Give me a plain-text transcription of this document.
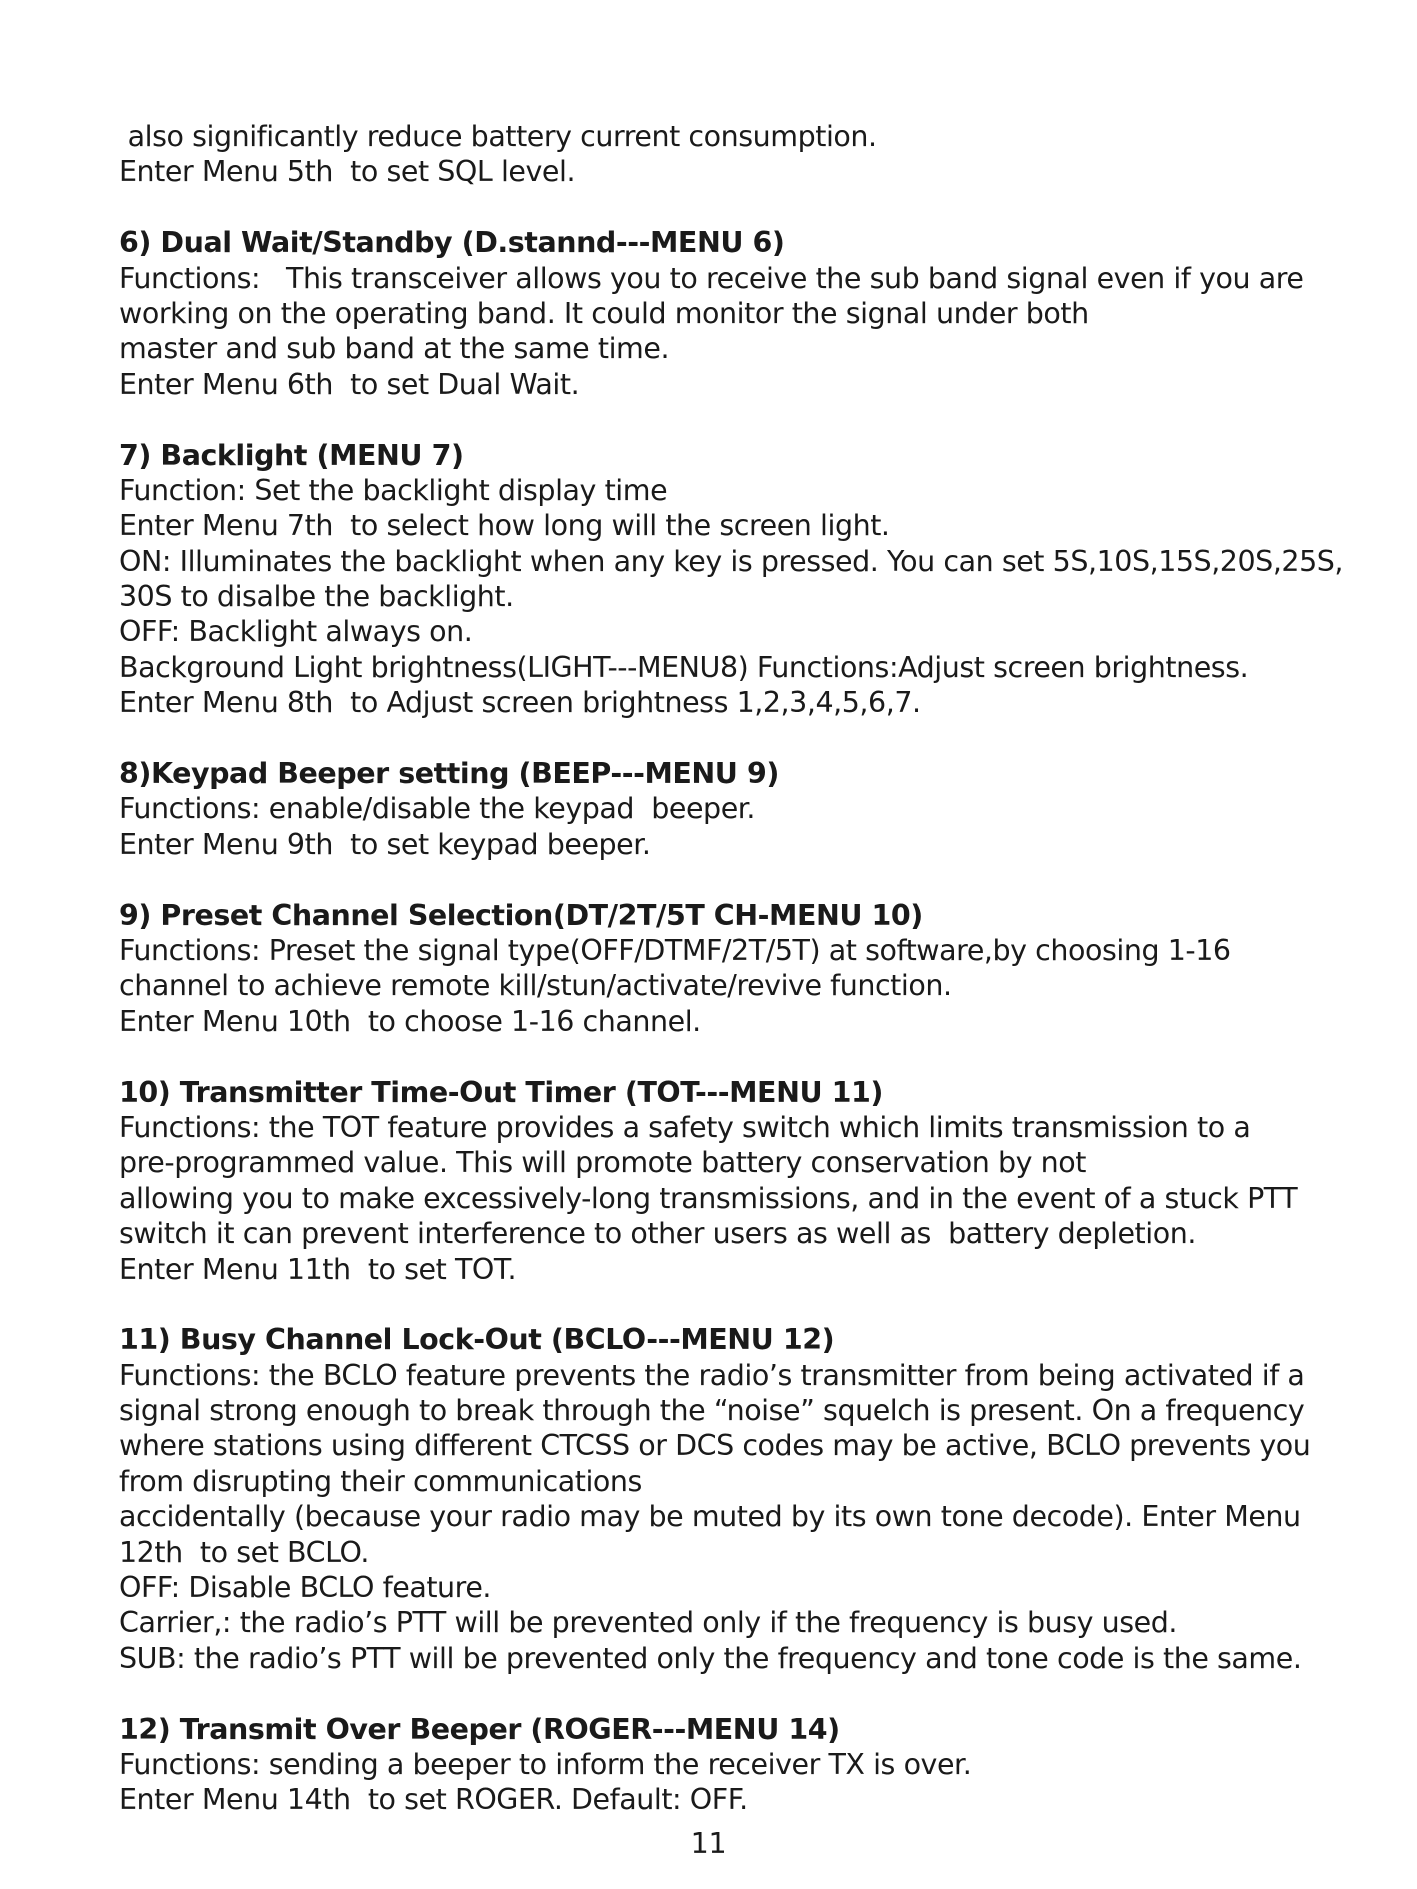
also significantly reduce battery current consumption.
Enter Menu 5th  to set SQL level.
6) Dual Wait/Standby (D.stannd---MENU 6)
Functions:   This transceiver allows you to receive the sub band signal even if you are
working on the operating band. It could monitor the signal under both
master and sub band at the same time.
Enter Menu 6th  to set Dual Wait.
7) Backlight (MENU 7)
Function: Set the backlight display time
Enter Menu 7th  to select how long will the screen light.
ON: Illuminates the backlight when any key is pressed. You can set 5S,10S,15S,20S,25S,
30S to disalbe the backlight.
OFF: Backlight always on.
Background Light brightness(LIGHT---MENU8) Functions:Adjust screen brightness.
Enter Menu 8th  to Adjust screen brightness 1,2,3,4,5,6,7.
8)Keypad Beeper setting (BEEP---MENU 9)
Functions: enable/disable the keypad  beeper.
Enter Menu 9th  to set keypad beeper.
9) Preset Channel Selection(DT/2T/5T CH-MENU 10)
Functions: Preset the signal type(OFF/DTMF/2T/5T) at software,by choosing 1-16
channel to achieve remote kill/stun/activate/revive function.
Enter Menu 10th  to choose 1-16 channel.
10) Transmitter Time-Out Timer (TOT---MENU 11)
Functions: the TOT feature provides a safety switch which limits transmission to a
pre-programmed value. This will promote battery conservation by not
allowing you to make excessively-long transmissions, and in the event of a stuck PTT
switch it can prevent interference to other users as well as  battery depletion.
Enter Menu 11th  to set TOT.
11) Busy Channel Lock-Out (BCLO---MENU 12)
Functions: the BCLO feature prevents the radio’s transmitter from being activated if a
signal strong enough to break through the “noise” squelch is present. On a frequency
where stations using different CTCSS or DCS codes may be active, BCLO prevents you
from disrupting their communications
accidentally (because your radio may be muted by its own tone decode). Enter Menu
12th  to set BCLO.
OFF: Disable BCLO feature.
Carrier,: the radio’s PTT will be prevented only if the frequency is busy used.
SUB: the radio’s PTT will be prevented only the frequency and tone code is the same.
12) Transmit Over Beeper (ROGER---MENU 14)
Functions: sending a beeper to inform the receiver TX is over.
Enter Menu 14th  to set ROGER. Default: OFF.
11
